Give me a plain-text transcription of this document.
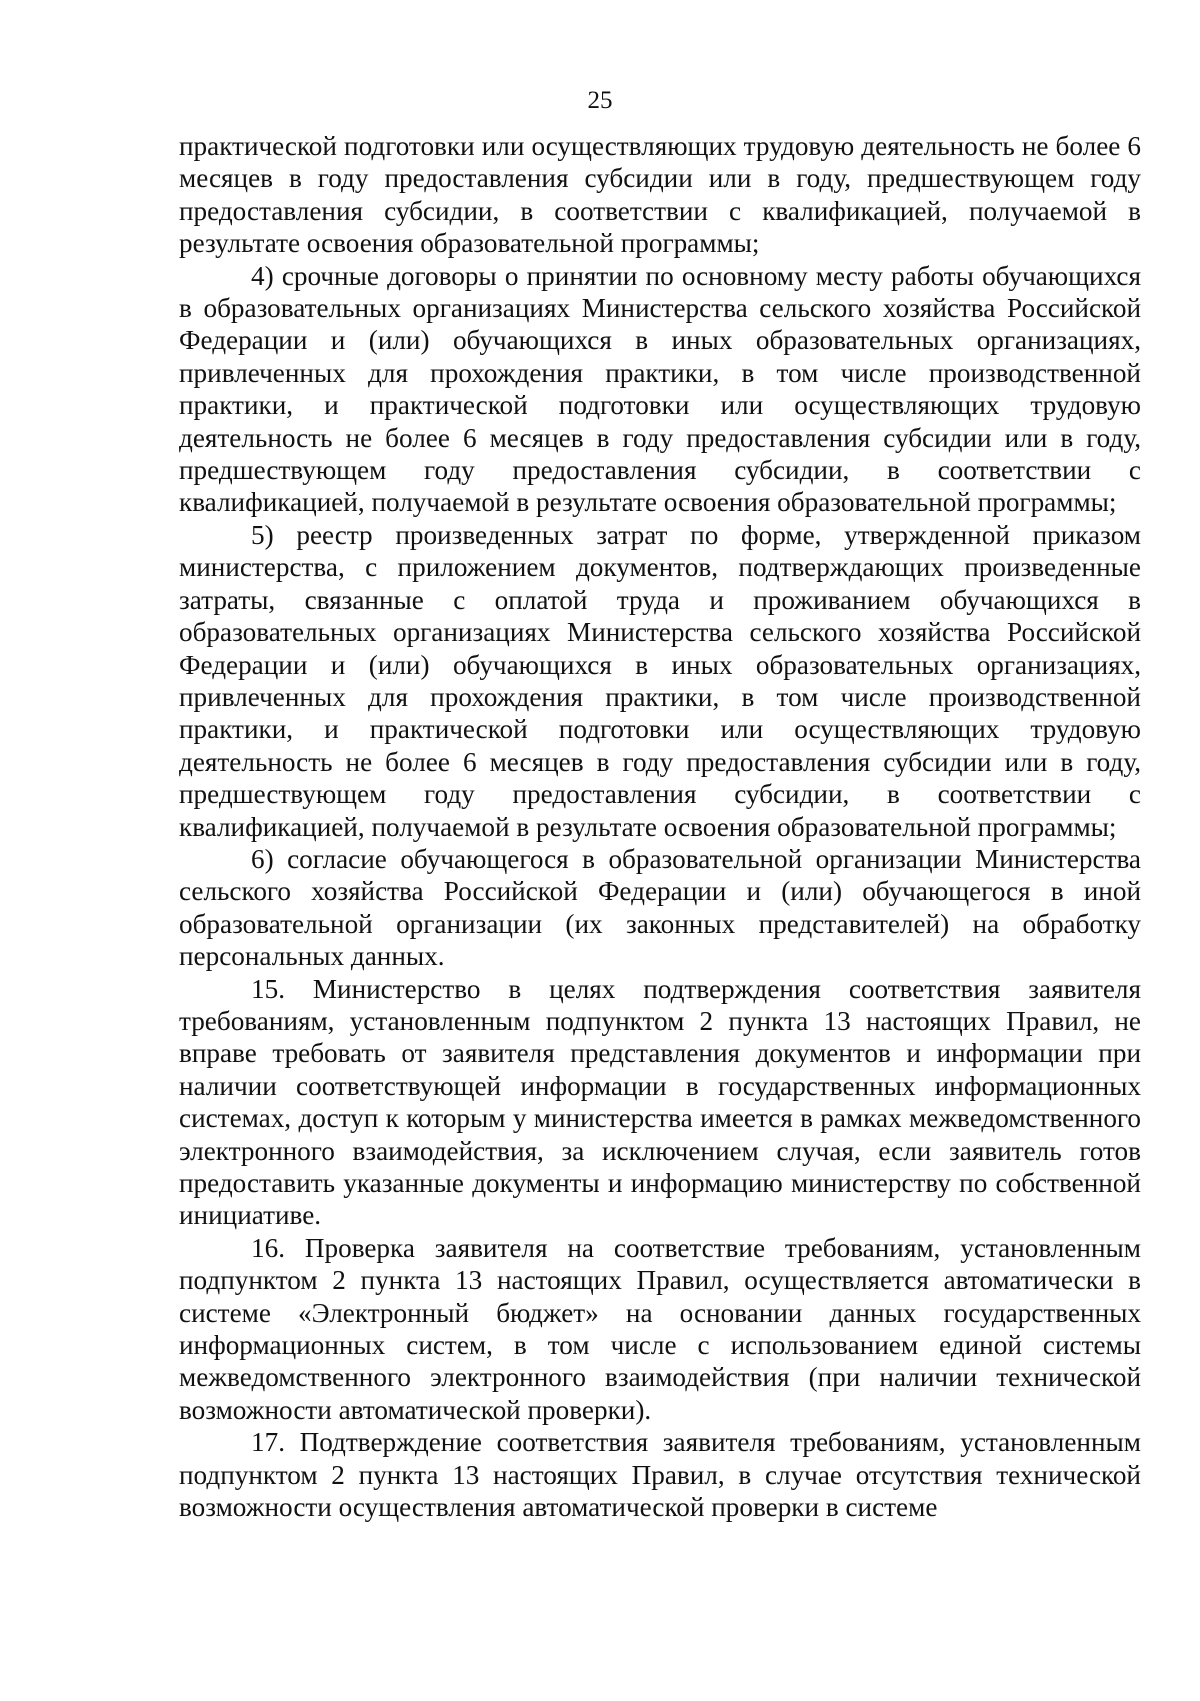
25

практической подготовки или осуществляющих трудовую деятельность не более 6 месяцев в году предоставления субсидии или в году, предшествующем году предоставления субсидии, в соответствии с квалификацией, получаемой в результате освоения образовательной программы;

4) срочные договоры о принятии по основному месту работы обучающихся в образовательных организациях Министерства сельского хозяйства Российской Федерации и (или) обучающихся в иных образовательных организациях, привлеченных для прохождения практики, в том числе производственной практики, и практической подготовки или осуществляющих трудовую деятельность не более 6 месяцев в году предоставления субсидии или в году, предшествующем году предоставления субсидии, в соответствии с квалификацией, получаемой в результате освоения образовательной программы;

5) реестр произведенных затрат по форме, утвержденной приказом министерства, с приложением документов, подтверждающих произведенные затраты, связанные с оплатой труда и проживанием обучающихся в образовательных организациях Министерства сельского хозяйства Российской Федерации и (или) обучающихся в иных образовательных организациях, привлеченных для прохождения практики, в том числе производственной практики, и практической подготовки или осуществляющих трудовую деятельность не более 6 месяцев в году предоставления субсидии или в году, предшествующем году предоставления субсидии, в соответствии с квалификацией, получаемой в результате освоения образовательной программы;

6) согласие обучающегося в образовательной организации Министерства сельского хозяйства Российской Федерации и (или) обучающегося в иной образовательной организации (их законных представителей) на обработку персональных данных.

15. Министерство в целях подтверждения соответствия заявителя требованиям, установленным подпунктом 2 пункта 13 настоящих Правил, не вправе требовать от заявителя представления документов и информации при наличии соответствующей информации в государственных информационных системах, доступ к которым у министерства имеется в рамках межведомственного электронного взаимодействия, за исключением случая, если заявитель готов предоставить указанные документы и информацию министерству по собственной инициативе.

16. Проверка заявителя на соответствие требованиям, установленным подпунктом 2 пункта 13 настоящих Правил, осуществляется автоматически в системе «Электронный бюджет» на основании данных государственных информационных систем, в том числе с использованием единой системы межведомственного электронного взаимодействия (при наличии технической возможности автоматической проверки).

17. Подтверждение соответствия заявителя требованиям, установленным подпунктом 2 пункта 13 настоящих Правил, в случае отсутствия технической возможности осуществления автоматической проверки в системе
